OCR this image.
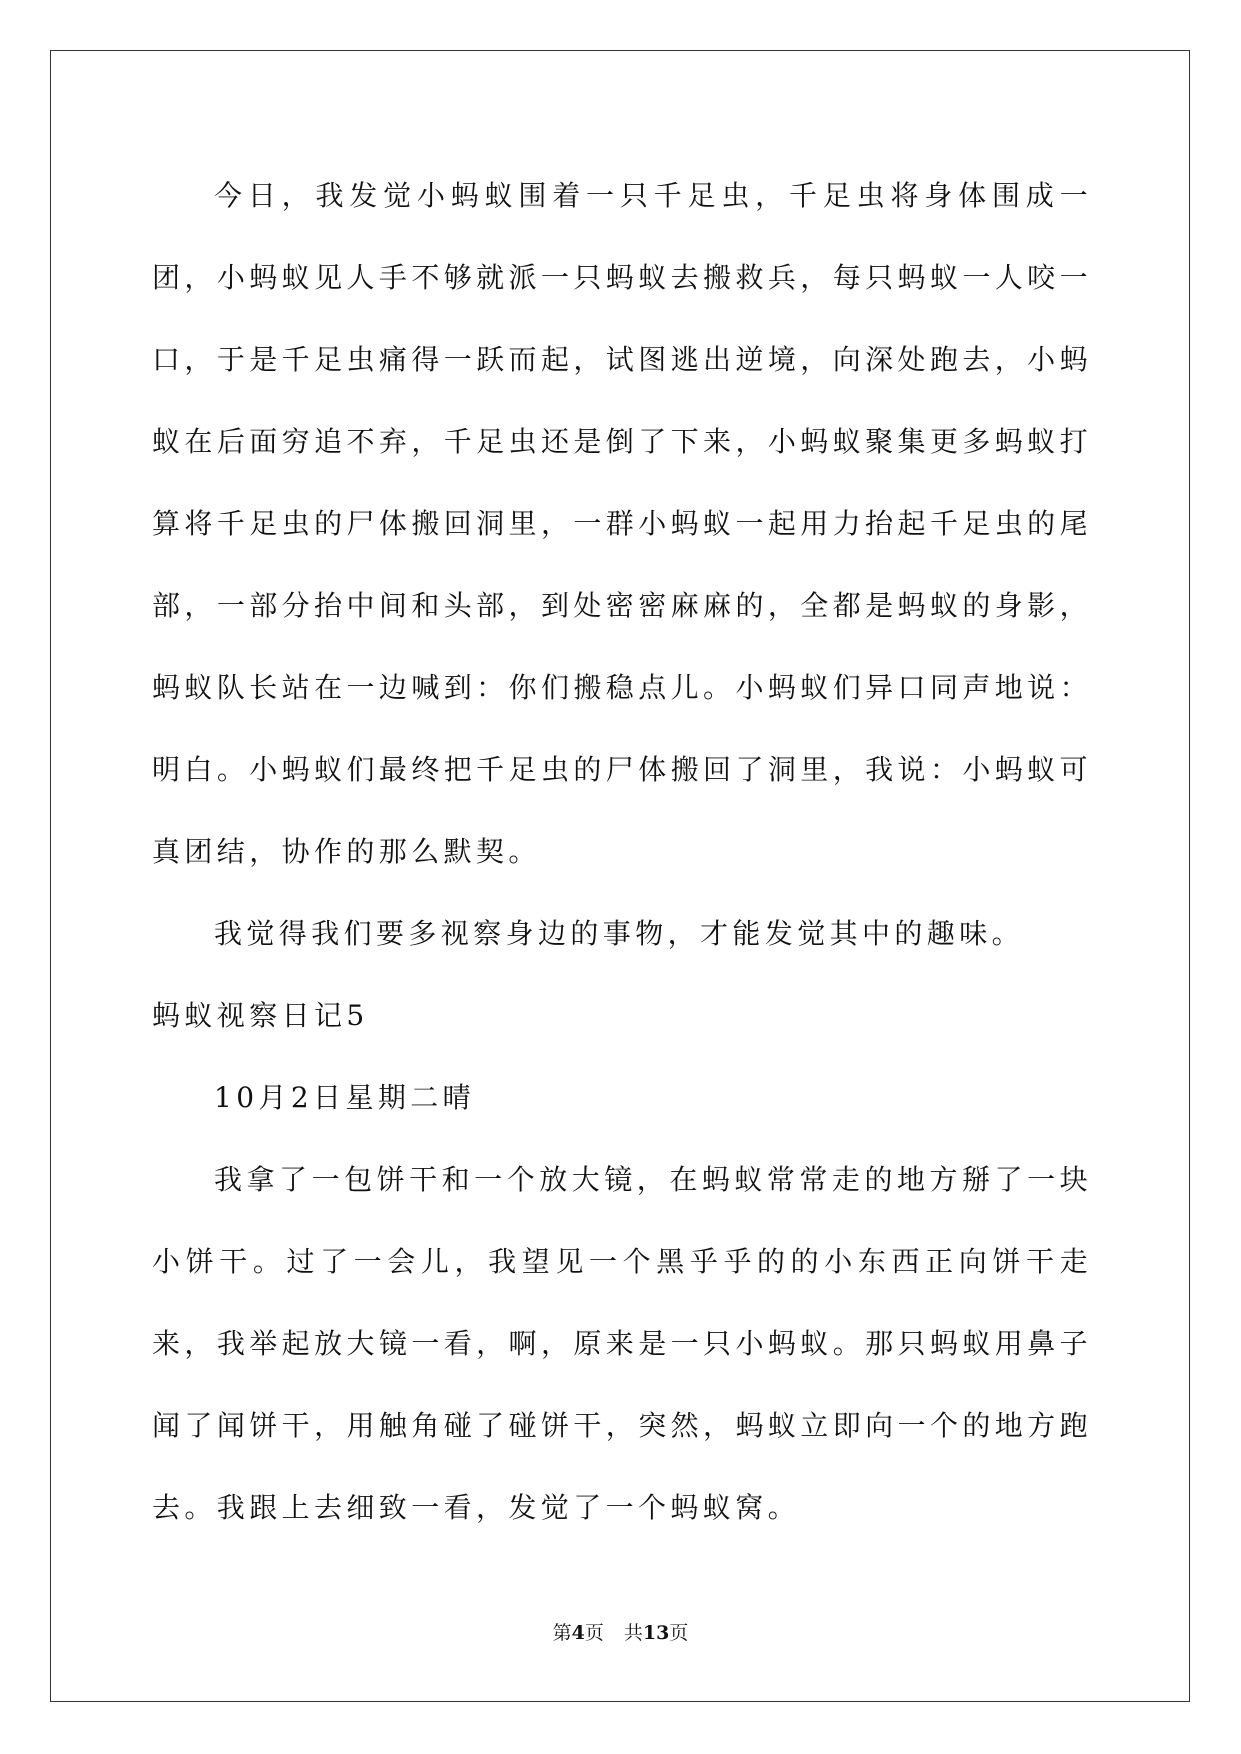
今日，我发觉小蚂蚁围着一只千足虫，千足虫将身体围成一团，小蚂蚁见人手不够就派一只蚂蚁去搬救兵，每只蚂蚁一人咬一口，于是千足虫痛得一跃而起，试图逃出逆境，向深处跑去，小蚂蚁在后面穷追不弃，千足虫还是倒了下来，小蚂蚁聚集更多蚂蚁打算将千足虫的尸体搬回洞里，一群小蚂蚁一起用力抬起千足虫的尾部，一部分抬中间和头部，到处密密麻麻的，全都是蚂蚁的身影，蚂蚁队长站在一边喊到：你们搬稳点儿。小蚂蚁们异口同声地说：明白。小蚂蚁们最终把千足虫的尸体搬回了洞里，我说：小蚂蚁可真团结，协作的那么默契。

我觉得我们要多视察身边的事物，才能发觉其中的趣味。

蚂蚁视察日记5

10月2日星期二晴

我拿了一包饼干和一个放大镜，在蚂蚁常常走的地方掰了一块小饼干。过了一会儿，我望见一个黑乎乎的的小东西正向饼干走来，我举起放大镜一看，啊，原来是一只小蚂蚁。那只蚂蚁用鼻子闻了闻饼干，用触角碰了碰饼干，突然，蚂蚁立即向一个的地方跑去。我跟上去细致一看，发觉了一个蚂蚁窝。

第4页 共13页
